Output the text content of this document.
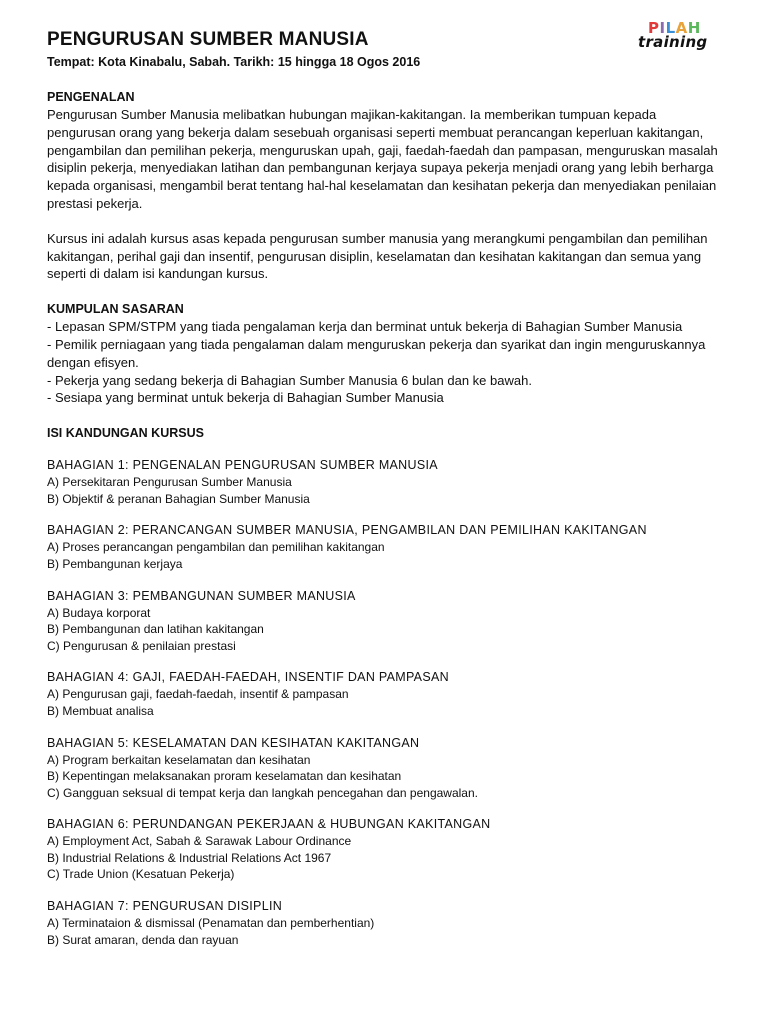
PILAH
training
PENGURUSAN SUMBER MANUSIA
Tempat: Kota Kinabalu, Sabah. Tarikh: 15 hingga 18 Ogos 2016
PENGENALAN

Pengurusan Sumber Manusia melibatkan hubungan majikan-kakitangan. Ia memberikan tumpuan kepada pengurusan orang yang bekerja dalam sesebuah organisasi seperti membuat perancangan keperluan kakitangan, pengambilan dan pemilihan pekerja, menguruskan upah, gaji, faedah-faedah dan pampasan, menguruskan masalah disiplin pekerja, menyediakan latihan dan pembangunan kerjaya supaya pekerja menjadi orang yang lebih berharga kepada organisasi, mengambil berat tentang hal-hal keselamatan dan kesihatan pekerja dan menyediakan penilaian prestasi pekerja.

Kursus ini adalah kursus asas kepada pengurusan sumber manusia yang merangkumi pengambilan dan pemilihan kakitangan, perihal gaji dan insentif, pengurusan disiplin, keselamatan dan kesihatan kakitangan dan semua yang seperti di dalam isi kandungan kursus.

KUMPULAN SASARAN
- Lepasan SPM/STPM yang tiada pengalaman kerja dan berminat untuk bekerja di Bahagian Sumber Manusia
- Pemilik perniagaan yang tiada pengalaman dalam menguruskan pekerja dan syarikat dan ingin menguruskannya dengan efisyen.
- Pekerja yang sedang bekerja di Bahagian Sumber Manusia 6 bulan dan ke bawah.
- Sesiapa yang berminat untuk bekerja di Bahagian Sumber Manusia
ISI KANDUNGAN KURSUS
BAHAGIAN 1: PENGENALAN PENGURUSAN SUMBER MANUSIA
A) Persekitaran Pengurusan Sumber Manusia
B) Objektif & peranan Bahagian Sumber Manusia
BAHAGIAN 2: PERANCANGAN SUMBER MANUSIA, PENGAMBILAN DAN PEMILIHAN KAKITANGAN
A) Proses perancangan pengambilan dan pemilihan kakitangan
B) Pembangunan kerjaya
BAHAGIAN 3: PEMBANGUNAN SUMBER MANUSIA
A) Budaya korporat
B) Pembangunan dan latihan kakitangan
C) Pengurusan & penilaian prestasi
BAHAGIAN 4: GAJI, FAEDAH-FAEDAH, INSENTIF DAN PAMPASAN
A) Pengurusan gaji, faedah-faedah, insentif & pampasan
B) Membuat analisa
BAHAGIAN 5: KESELAMATAN DAN KESIHATAN KAKITANGAN
A) Program berkaitan keselamatan dan kesihatan
B) Kepentingan melaksanakan proram keselamatan dan kesihatan
C) Gangguan seksual di tempat kerja dan langkah pencegahan dan pengawalan.
BAHAGIAN 6: PERUNDANGAN PEKERJAAN & HUBUNGAN KAKITANGAN
A) Employment Act, Sabah & Sarawak Labour Ordinance
B) Industrial Relations & Industrial Relations Act 1967
C) Trade Union (Kesatuan Pekerja)
BAHAGIAN 7: PENGURUSAN DISIPLIN
A) Terminataion & dismissal (Penamatan dan pemberhentian)
B) Surat amaran, denda dan rayuan
